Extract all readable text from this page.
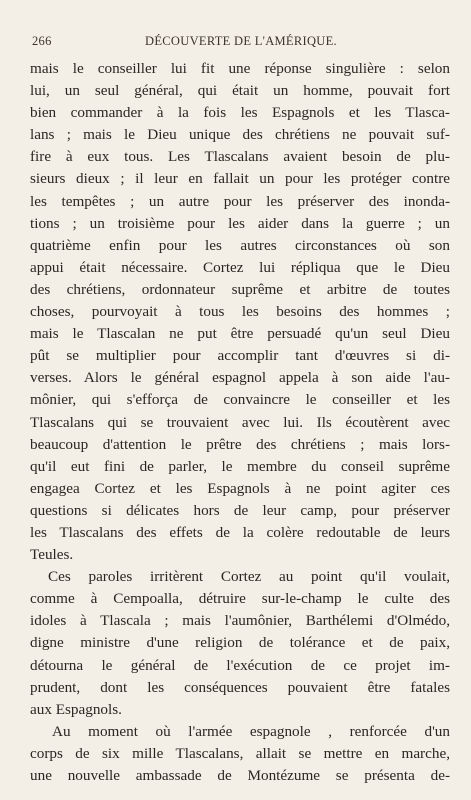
266	DÉCOUVERTE DE L'AMÉRIQUE.
mais le conseiller lui fit une réponse singulière : selon
lui, un seul général, qui était un homme, pouvait fort
bien commander à la fois les Espagnols et les Tlasca-
lans ; mais le Dieu unique des chrétiens ne pouvait suf-
fire à eux tous. Les Tlascalans avaient besoin de plu-
sieurs dieux ; il leur en fallait un pour les protéger contre
les tempêtes ; un autre pour les préserver des inonda-
tions ; un troisième pour les aider dans la guerre ; un
quatrième enfin pour les autres circonstances où son
appui était nécessaire. Cortez lui répliqua que le Dieu
des chrétiens, ordonnateur suprême et arbitre de toutes
choses, pourvoyait à tous les besoins des hommes ;
mais le Tlascalan ne put être persuadé qu'un seul Dieu
pût se multiplier pour accomplir tant d'œuvres si di-
verses. Alors le général espagnol appela à son aide l'au-
mônier, qui s'efforça de convaincre le conseiller et les
Tlascalans qui se trouvaient avec lui. Ils écoutèrent avec
beaucoup d'attention le prêtre des chrétiens ; mais lors-
qu'il eut fini de parler, le membre du conseil suprême
engagea Cortez et les Espagnols à ne point agiter ces
questions si délicates hors de leur camp, pour préserver
les Tlascalans des effets de la colère redoutable de leurs
Teules.
Ces paroles irritèrent Cortez au point qu'il voulait,
comme à Cempoalla, détruire sur-le-champ le culte des
idoles à Tlascala ; mais l'aumônier, Barthélemi d'Olmédo,
digne ministre d'une religion de tolérance et de paix,
détourna le général de l'exécution de ce projet im-
prudent, dont les conséquences pouvaient être fatales
aux Espagnols.
Au moment où l'armée espagnole , renforcée d'un
corps de six mille Tlascalans, allait se mettre en marche,
une nouvelle ambassade de Montézume se présenta de-
